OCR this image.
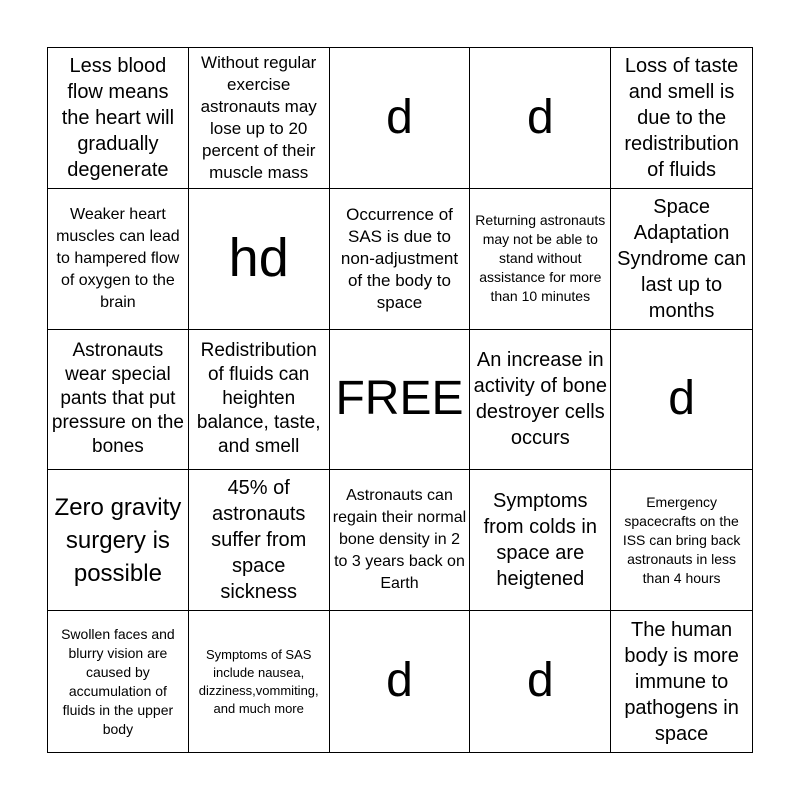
Less blood flow means the heart will gradually degenerate
Without regular exercise astronauts may lose up to 20 percent of their muscle mass
d d
Loss of taste and smell is due to the redistribution of fluids
Weaker heart muscles can lead to hampered flow of oxygen to the brain
hd
Occurrence of SAS is due to non-adjustment of the body to space
Returning astronauts may not be able to stand without assistance for more than 10 minutes
Space Adaptation Syndrome can last up to months
Astronauts wear special pants that put pressure on the bones
Redistribution of fluids can heighten balance, taste, and smell
FREE
An increase in activity of bone destroyer cells occurs
d
Zero gravity surgery is possible
45% of astronauts suffer from space sickness
Astronauts can regain their normal bone density in 2 to 3 years back on Earth
Symptoms from colds in space are heigtened
Emergency spacecrafts on the ISS can bring back astronauts in less than 4 hours
Swollen faces and blurry vision are caused by accumulation of fluids in the upper body
Symptoms of SAS include nausea, dizziness,vommiting, and much more
d d
The human body is more immune to pathogens in space
